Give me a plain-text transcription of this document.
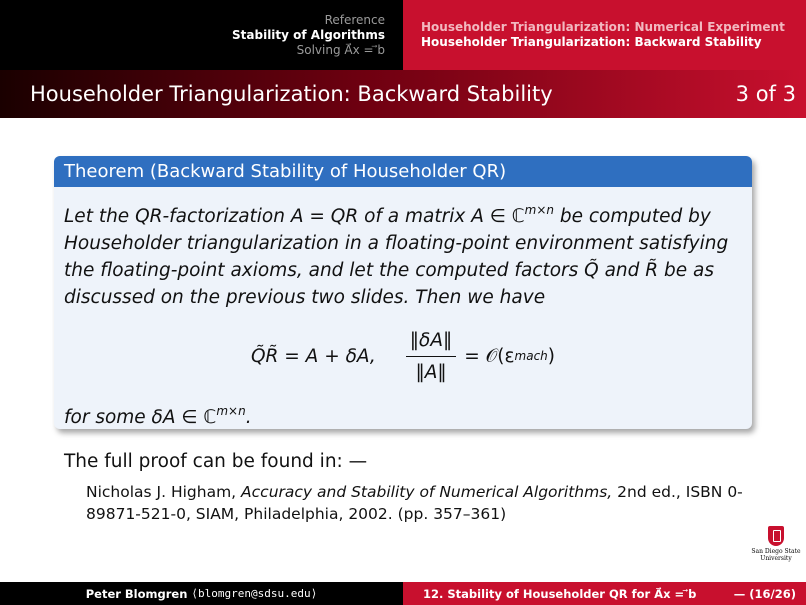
Reference
Stability of Algorithms
Solving A⃗x = ⃗b
Householder Triangularization: Numerical Experiment
Householder Triangularization: Backward Stability
Householder Triangularization: Backward Stability	3 of 3
Theorem (Backward Stability of Householder QR)

Let the QR-factorization A = QR of a matrix A ∈ ℂ$^{m\times n}$ be computed by
Householder triangularization in a floating-point environment satisfying
the floating-point axioms, and let the computed factors Q̃ and R̃ be as
discussed on the previous two slides. Then we have

Q̃R̃ = A + δA, $\frac{‖\delta A‖}{‖A‖}$ = 𝒪(ε mach )
for some δA ∈ ℂ$^{m\times n}$.
The full proof can be found in: —
Nicholas J. Higham, Accuracy and Stability of Numerical Algorithms, 2nd ed., ISBN 0-89871-521-0, SIAM, Philadelphia, 2002. (pp. 357–361)
San Diego State
University
Peter Blomgren
⟨blomgren@sdsu.edu⟩	12. Stability of Householder QR for A⃗x = ⃗b	— (16/26)
